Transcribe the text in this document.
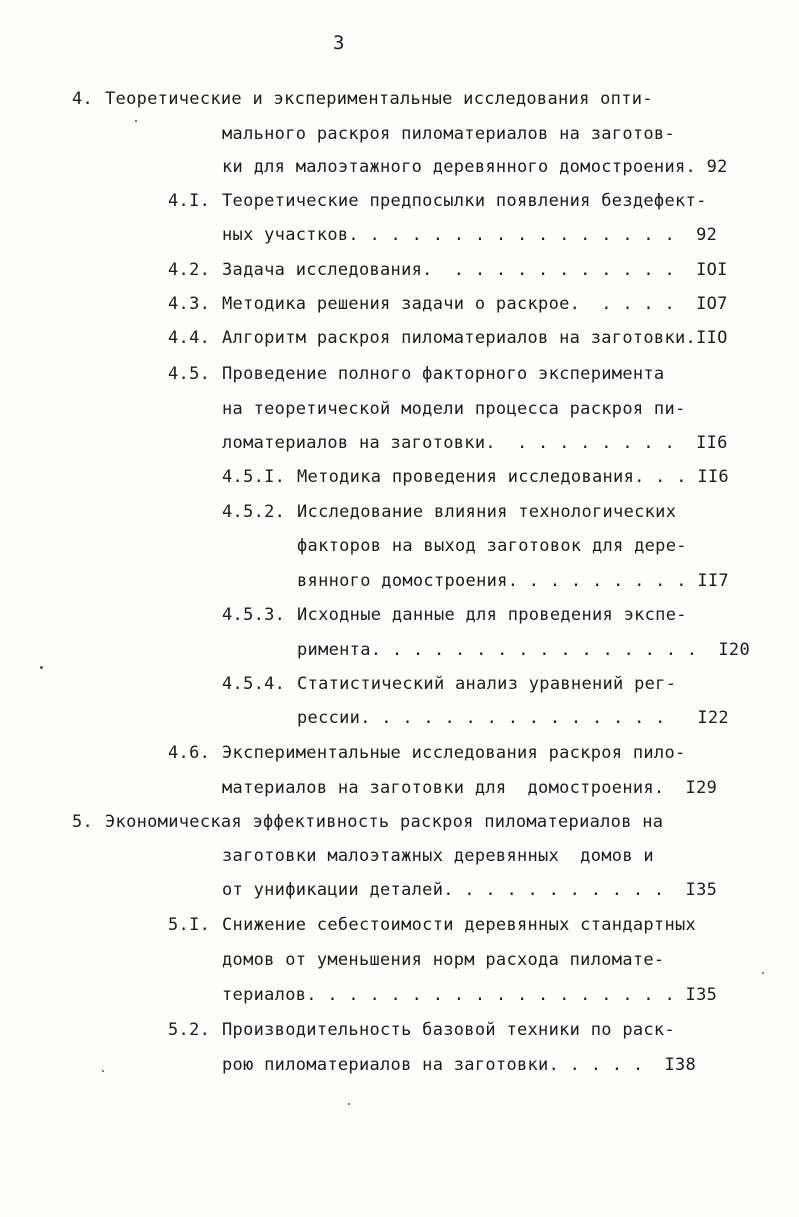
3
4. Теоретические и экспериментальные исследования опти-
мального раскроя пиломатериалов на заготов-
ки для малоэтажного деревянного домостроения. 92
4.I. Теоретические предпосылки появления бездефект-
ных участков. . . . . . . . . . . . . . . .  92
4.2. Задача исследования.  . . . . . . . . . . .  IOI
4.3. Методика решения задачи о раскрое.  . . . .  IO7
4.4. Алгоритм раскроя пиломатериалов на заготовки.IIO
4.5. Проведение полного факторного эксперимента
на теоретической модели процесса раскроя пи-
ломатериалов на заготовки.  . . . . . . . .  II6
4.5.I. Методика проведения исследования. . . II6
4.5.2. Исследование влияния технологических
факторов на выход заготовок для дере-
вянного домостроения. . . . . . . . . II7
4.5.3. Исходные данные для проведения экспе-
римента. . . . . . . . . . . . . . . .  I20
4.5.4. Статистический анализ уравнений рег-
рессии. . . . . . . . . . . . . . .   I22
4.6. Экспериментальные исследования раскроя пило-
материалов на заготовки для  домостроения.  I29
5. Экономическая эффективность раскроя пиломатериалов на
заготовки малоэтажных деревянных  домов и
от унификации деталей. . . . . . . . . . .  I35
5.I. Снижение себестоимости деревянных стандартных
домов от уменьшения норм расхода пиломате-
териалов. . . . . . . . . . . . . . . . . . I35
5.2. Производительность базовой техники по раск-
рою пиломатериалов на заготовки. . . . .  I38
